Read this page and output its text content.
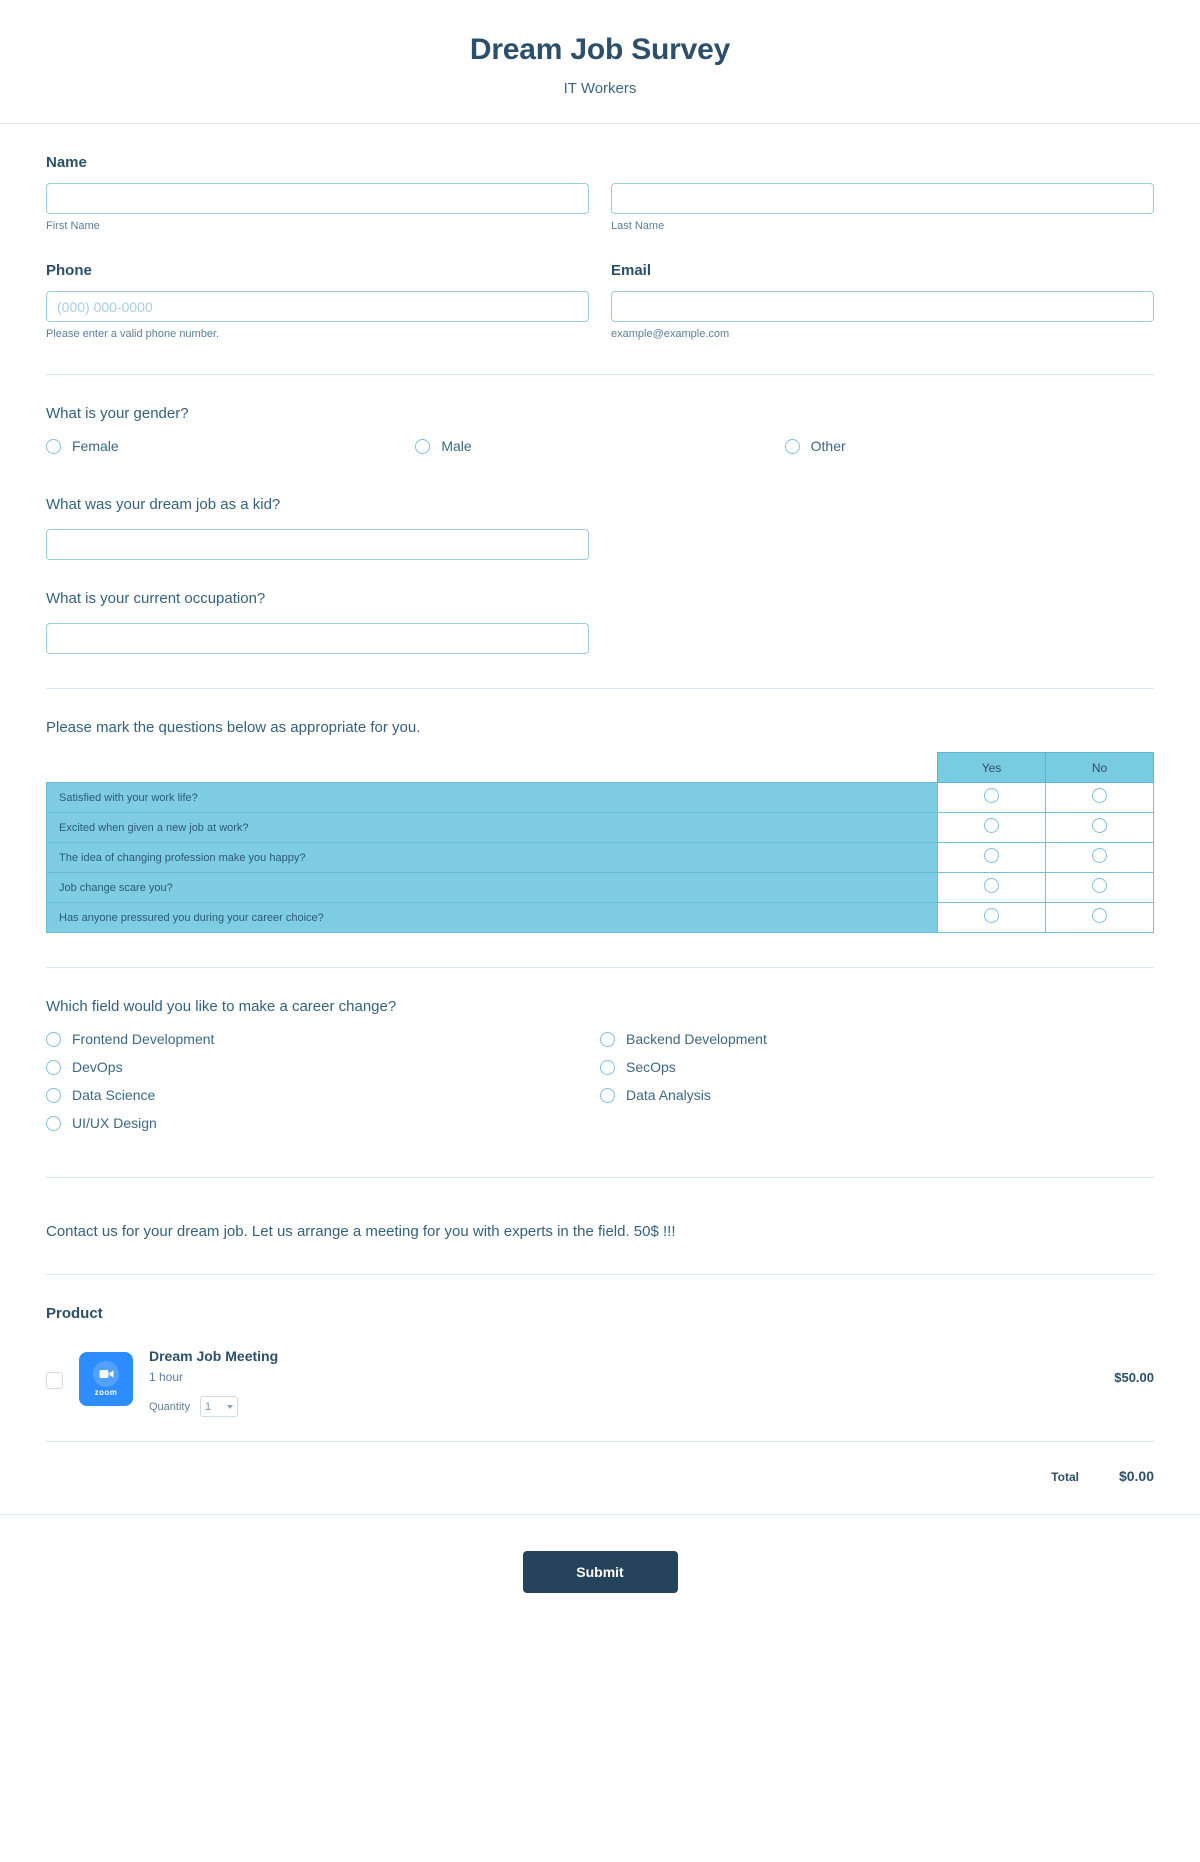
Dream Job Survey

IT Workers

Name
First Name	Last Name
Phone
(000) 000-0000
Please enter a valid phone number.
Email
example@example.com
What is your gender?
Female	Male	Other
What was your dream job as a kid?
What is your current occupation?
Please mark the questions below as appropriate for you.
	Yes	No
Satisfied with your work life?		
Excited when given a new job at work?		
The idea of changing profession make you happy?		
Job change scare you?		
Has anyone pressured you during your career choice?		
Which field would you like to make a career change?
Frontend Development
DevOps
Data Science
UI/UX Design
Backend Development
SecOps
Data Analysis

Contact us for your dream job. Let us arrange a meeting for you with experts in the field. 50$ !!!

Product
zoom
Dream Job Meeting
1 hour
Quantity 1
$50.00
Total	$0.00
Submit
